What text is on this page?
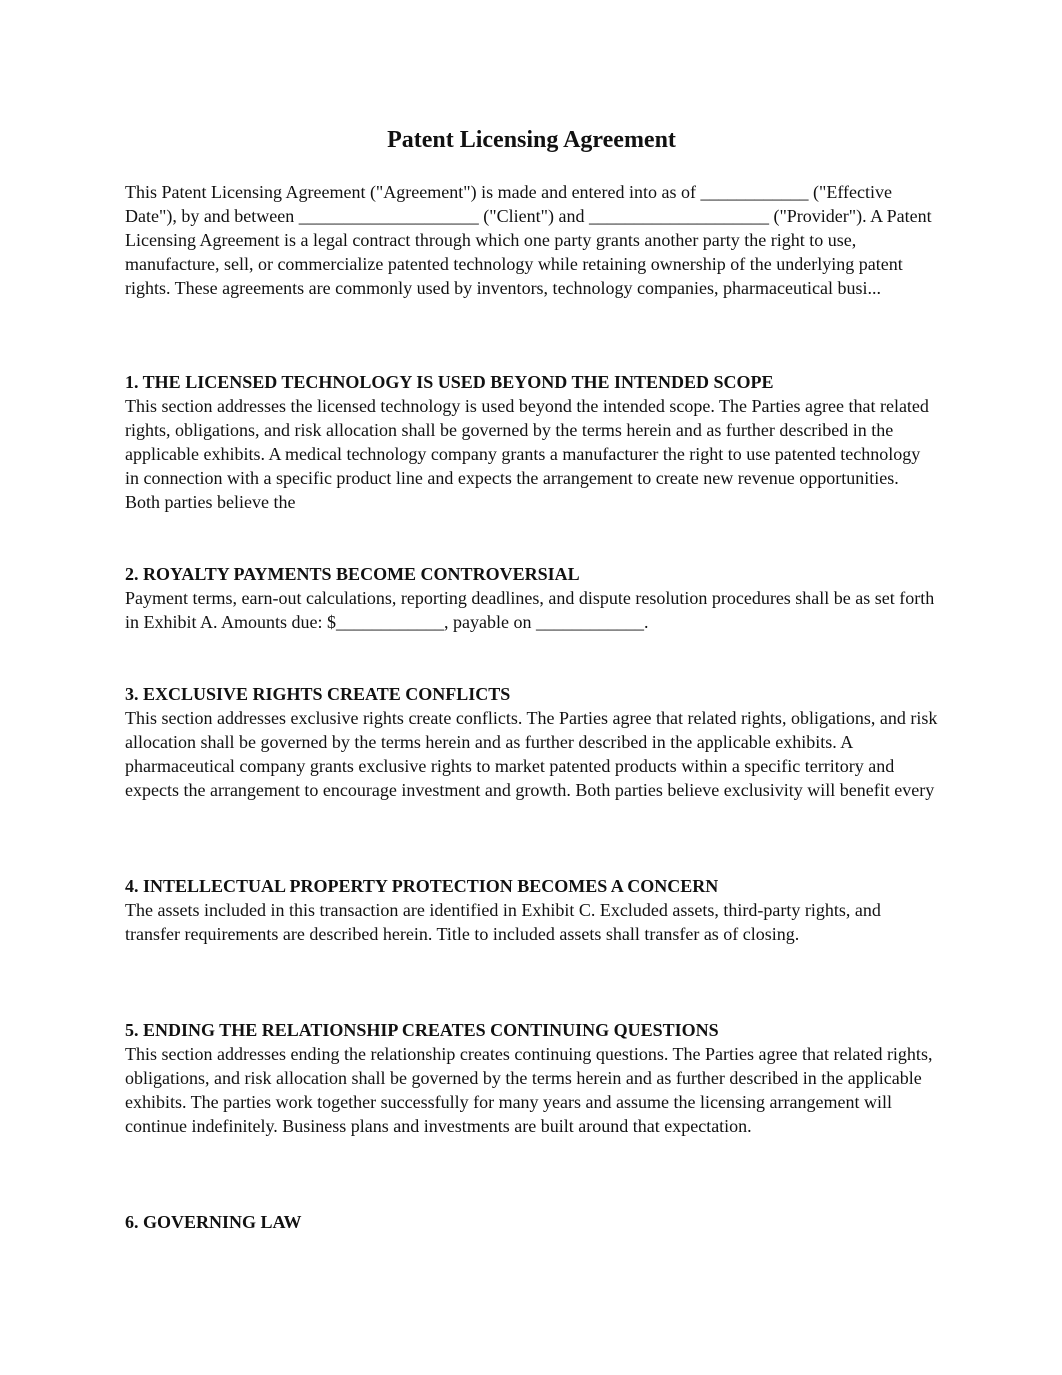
Patent Licensing Agreement

This Patent Licensing Agreement ("Agreement") is made and entered into as of ____________ ("Effective Date"), by and between ____________________ ("Client") and ____________________ ("Provider"). A Patent Licensing Agreement is a legal contract through which one party grants another party the right to use, manufacture, sell, or commercialize patented technology while retaining ownership of the underlying patent rights. These agreements are commonly used by inventors, technology companies, pharmaceutical busi...

1. THE LICENSED TECHNOLOGY IS USED BEYOND THE INTENDED SCOPE

This section addresses the licensed technology is used beyond the intended scope. The Parties agree that related rights, obligations, and risk allocation shall be governed by the terms herein and as further described in the applicable exhibits. A medical technology company grants a manufacturer the right to use patented technology in connection with a specific product line and expects the arrangement to create new revenue opportunities. Both parties believe the

2. ROYALTY PAYMENTS BECOME CONTROVERSIAL

Payment terms, earn-out calculations, reporting deadlines, and dispute resolution procedures shall be as set forth in Exhibit A. Amounts due: $____________, payable on ____________.

3. EXCLUSIVE RIGHTS CREATE CONFLICTS

This section addresses exclusive rights create conflicts. The Parties agree that related rights, obligations, and risk allocation shall be governed by the terms herein and as further described in the applicable exhibits. A pharmaceutical company grants exclusive rights to market patented products within a specific territory and expects the arrangement to encourage investment and growth. Both parties believe exclusivity will benefit every

4. INTELLECTUAL PROPERTY PROTECTION BECOMES A CONCERN

The assets included in this transaction are identified in Exhibit C. Excluded assets, third-party rights, and transfer requirements are described herein. Title to included assets shall transfer as of closing.

5. ENDING THE RELATIONSHIP CREATES CONTINUING QUESTIONS

This section addresses ending the relationship creates continuing questions. The Parties agree that related rights, obligations, and risk allocation shall be governed by the terms herein and as further described in the applicable exhibits. The parties work together successfully for many years and assume the licensing arrangement will continue indefinitely. Business plans and investments are built around that expectation.

6. GOVERNING LAW
